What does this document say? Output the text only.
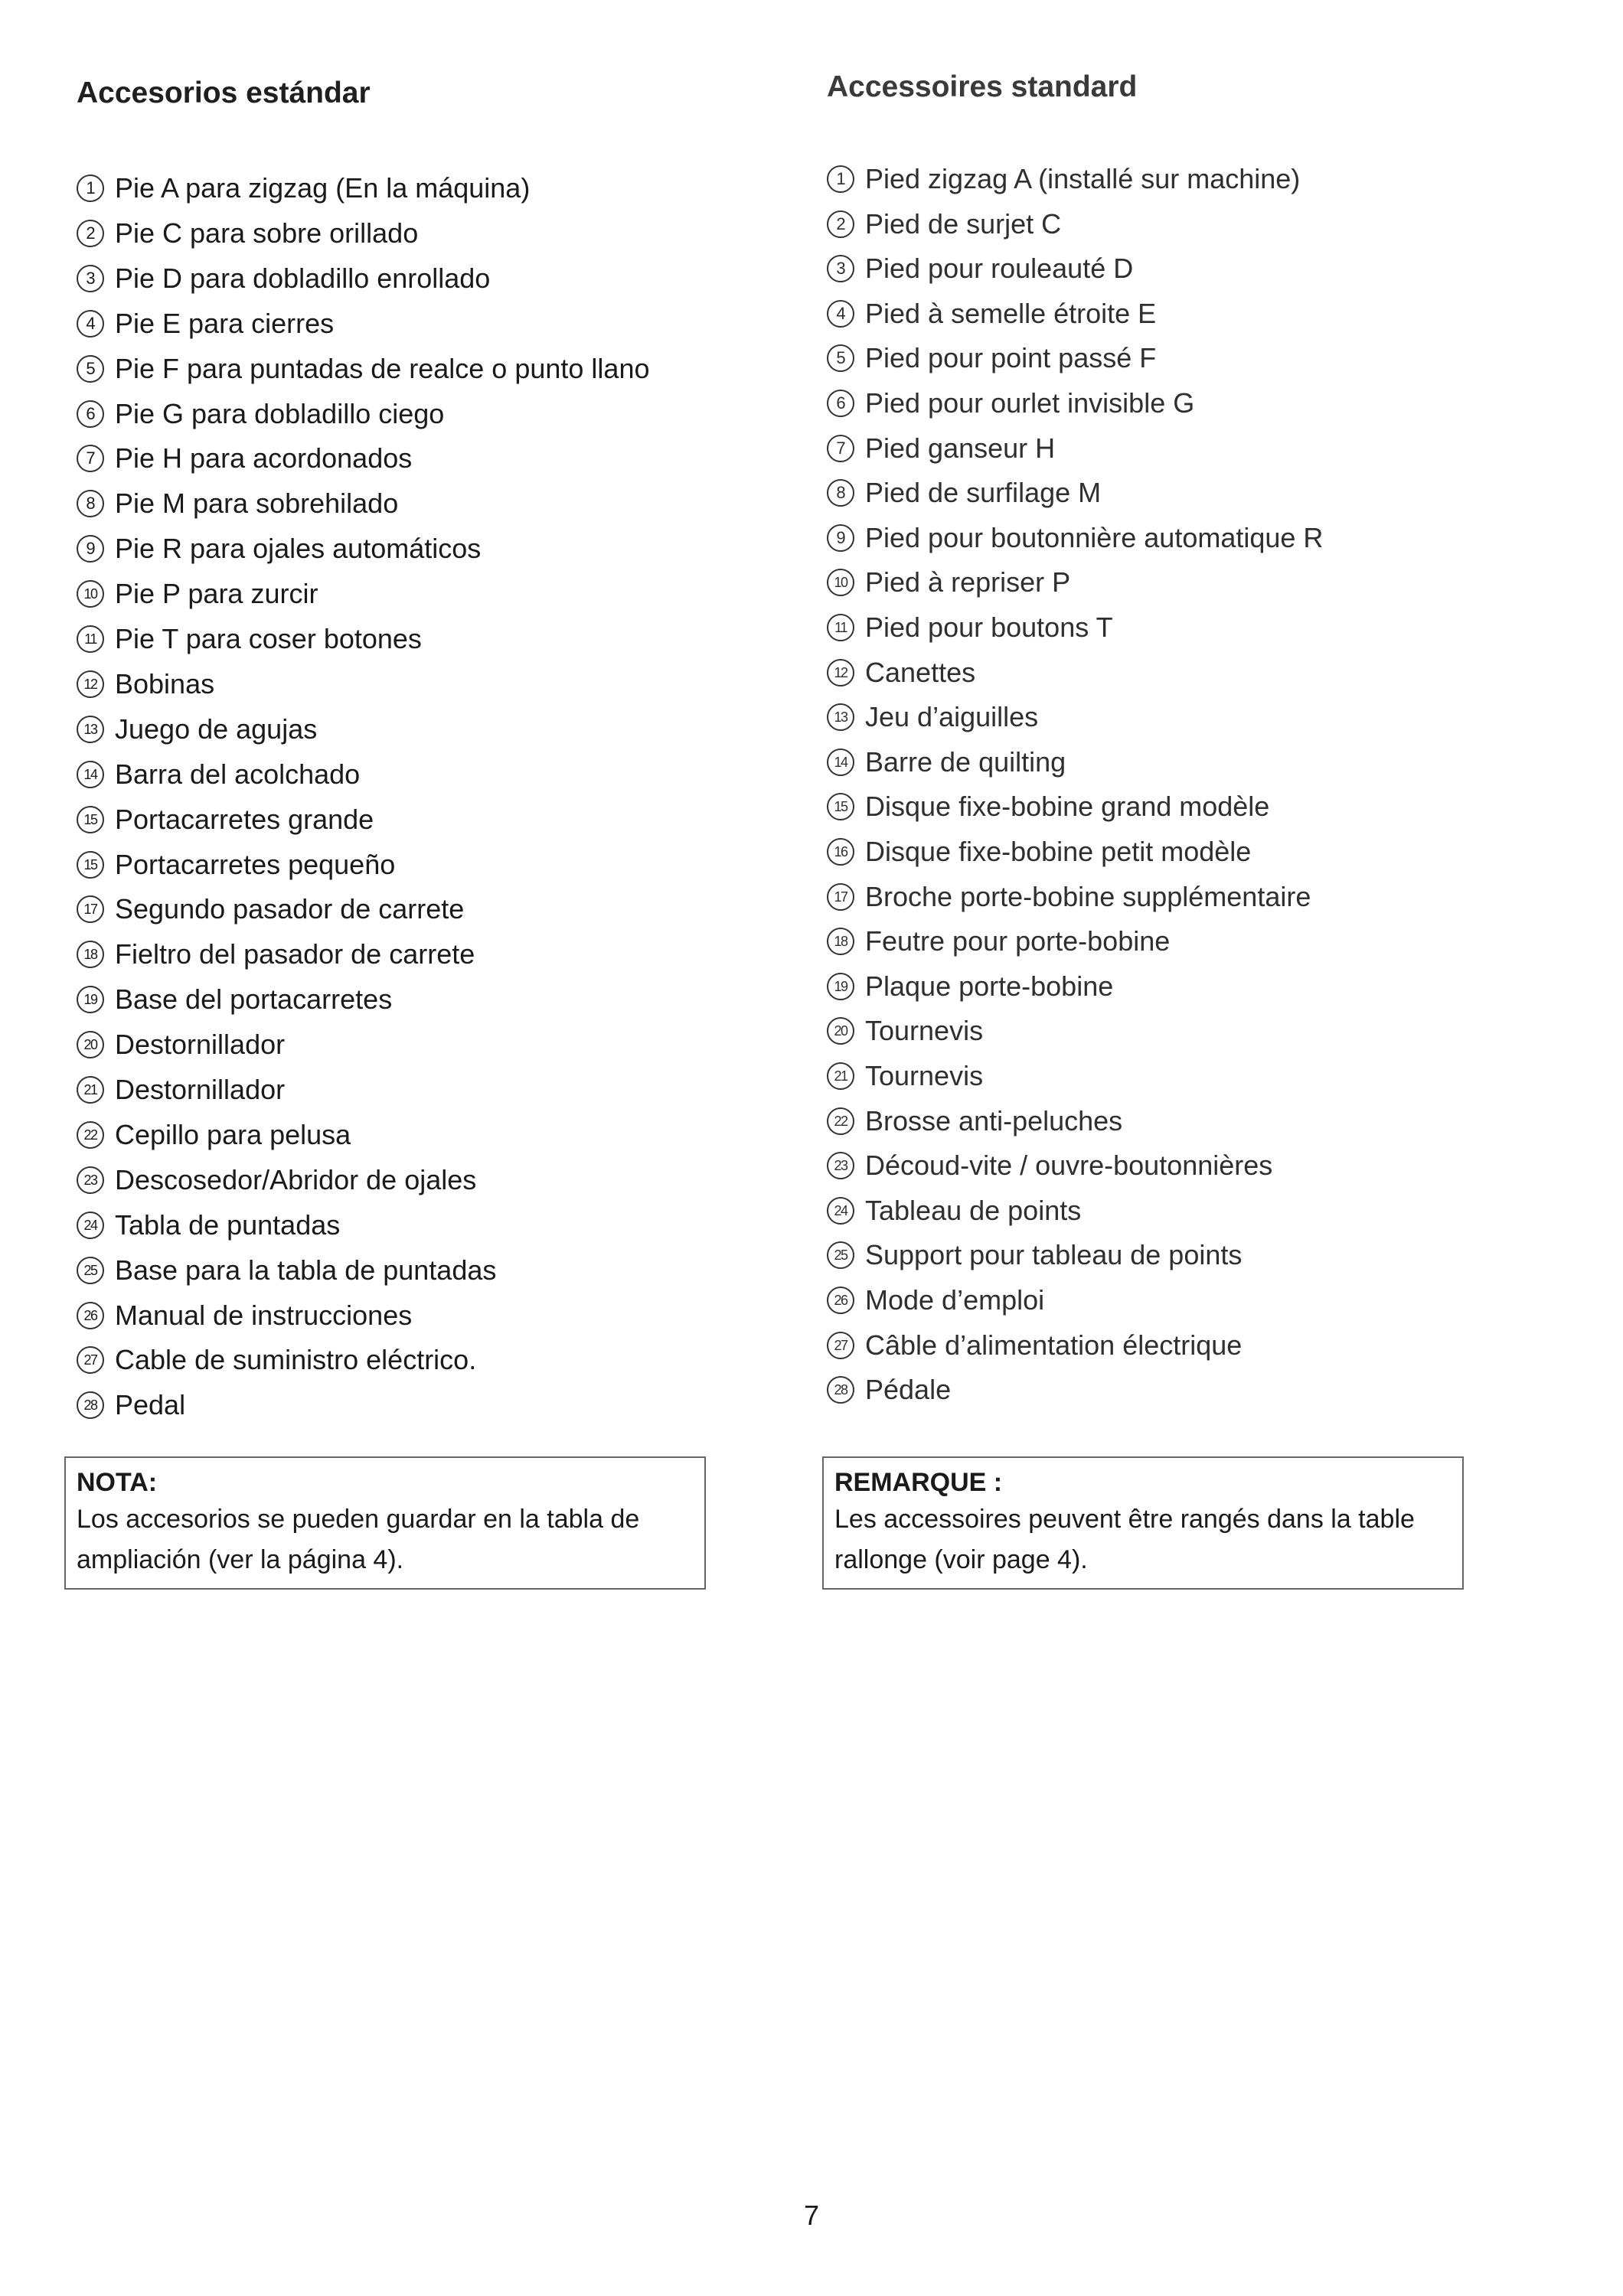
Accesorios estándar
1 Pie A para zigzag (En la máquina)
2 Pie C para sobre orillado
3 Pie D para dobladillo enrollado
4 Pie E para cierres
5 Pie F para puntadas de realce o punto llano
6 Pie G para dobladillo ciego
7 Pie H para acordonados
8 Pie M para sobrehilado
9 Pie R para ojales automáticos
10 Pie P para zurcir
11 Pie T para coser botones
12 Bobinas
13 Juego de agujas
14 Barra del acolchado
15 Portacarretes grande
15 Portacarretes pequeño
17 Segundo pasador de carrete
18 Fieltro del pasador de carrete
19 Base del portacarretes
20 Destornillador
21 Destornillador
22 Cepillo para pelusa
23 Descosedor/Abridor de ojales
24 Tabla de puntadas
25 Base para la tabla de puntadas
26 Manual de instrucciones
27 Cable de suministro eléctrico.
28 Pedal

NOTA:

Los accesorios se pueden guardar en la tabla de

ampliación (ver la página 4).

Accessoires standard
1 Pied zigzag A (installé sur machine)
2 Pied de surjet C
3 Pied pour rouleauté D
4 Pied à semelle étroite E
5 Pied pour point passé F
6 Pied pour ourlet invisible G
7 Pied ganseur H
8 Pied de surfilage M
9 Pied pour boutonnière automatique R
10 Pied à repriser P
11 Pied pour boutons T
12 Canettes
13 Jeu d’aiguilles
14 Barre de quilting
15 Disque fixe-bobine grand modèle
16 Disque fixe-bobine petit modèle
17 Broche porte-bobine supplémentaire
18 Feutre pour porte-bobine
19 Plaque porte-bobine
20 Tournevis
21 Tournevis
22 Brosse anti-peluches
23 Découd-vite / ouvre-boutonnières
24 Tableau de points
25 Support pour tableau de points
26 Mode d’emploi
27 Câble d’alimentation électrique
28 Pédale

REMARQUE :

Les accessoires peuvent être rangés dans la table

rallonge (voir page 4).

7
